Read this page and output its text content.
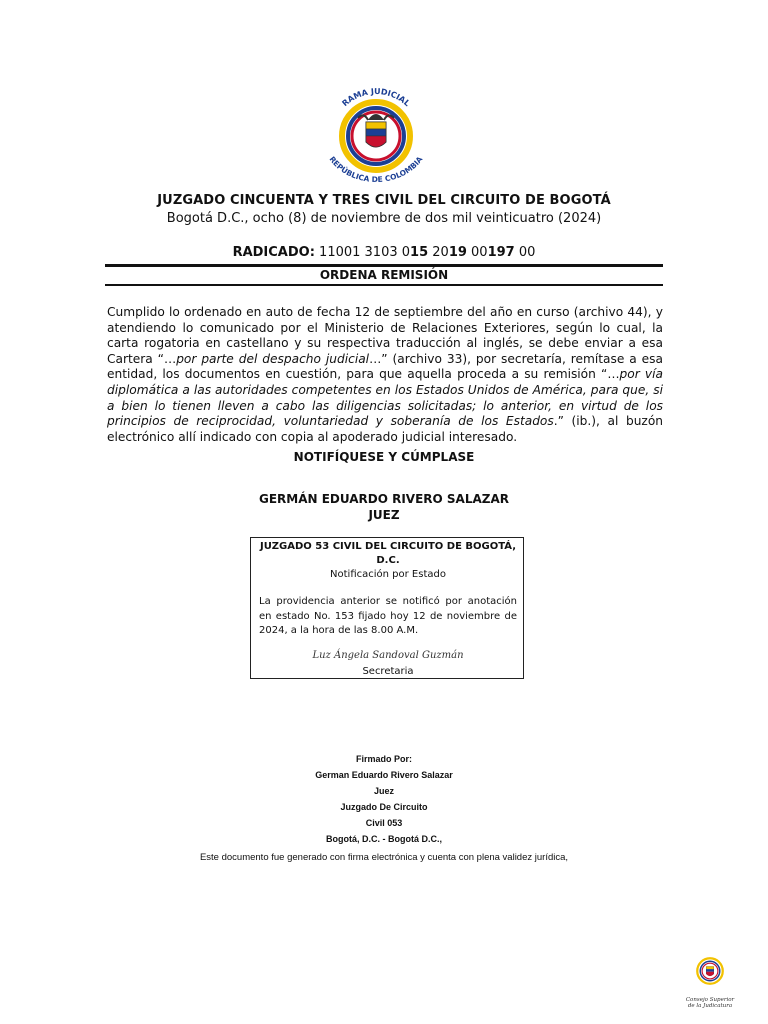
RAMA JUDICIAL
REPÚBLICA DE COLOMBIA
JUZGADO CINCUENTA Y TRES CIVIL DEL CIRCUITO DE BOGOTÁ
Bogotá D.C., ocho (8) de noviembre de dos mil veinticuatro (2024)
RADICADO: 11001 3103 015 2019 00197 00
ORDENA REMISIÓN
Cumplido lo ordenado en auto de fecha 12 de septiembre del año en curso (archivo 44), y atendiendo lo comunicado por el Ministerio de Relaciones Exteriores, según lo cual, la carta rogatoria en castellano y su respectiva traducción al inglés, se debe enviar a esa Cartera “…por parte del despacho judicial…” (archivo 33), por secretaría, remítase a esa entidad, los documentos en cuestión, para que aquella proceda a su remisión “…por vía diplomática a las autoridades competentes en los Estados Unidos de América, para que, si a bien lo tienen lleven a cabo las diligencias solicitadas; lo anterior, en virtud de los principios de reciprocidad, voluntariedad y soberanía de los Estados.” (ib.), al buzón electrónico allí indicado con copia al apoderado judicial interesado.
NOTIFÍQUESE Y CÚMPLASE
GERMÁN EDUARDO RIVERO SALAZAR
JUEZ
JUZGADO 53 CIVIL DEL CIRCUITO DE BOGOTÁ,
D.C.
Notificación por Estado
La providencia anterior se notificó por anotación en estado No. 153 fijado hoy 12 de noviembre de 2024, a la hora de las 8.00 A.M.
Luz Ángela Sandoval Guzmán
Secretaria
Firmado Por:
German Eduardo Rivero Salazar
Juez
Juzgado De Circuito
Civil 053
Bogotá, D.C. - Bogotá D.C.,
Este documento fue generado con firma electrónica y cuenta con plena validez jurídica,
Consejo Superior
de la Judicatura
